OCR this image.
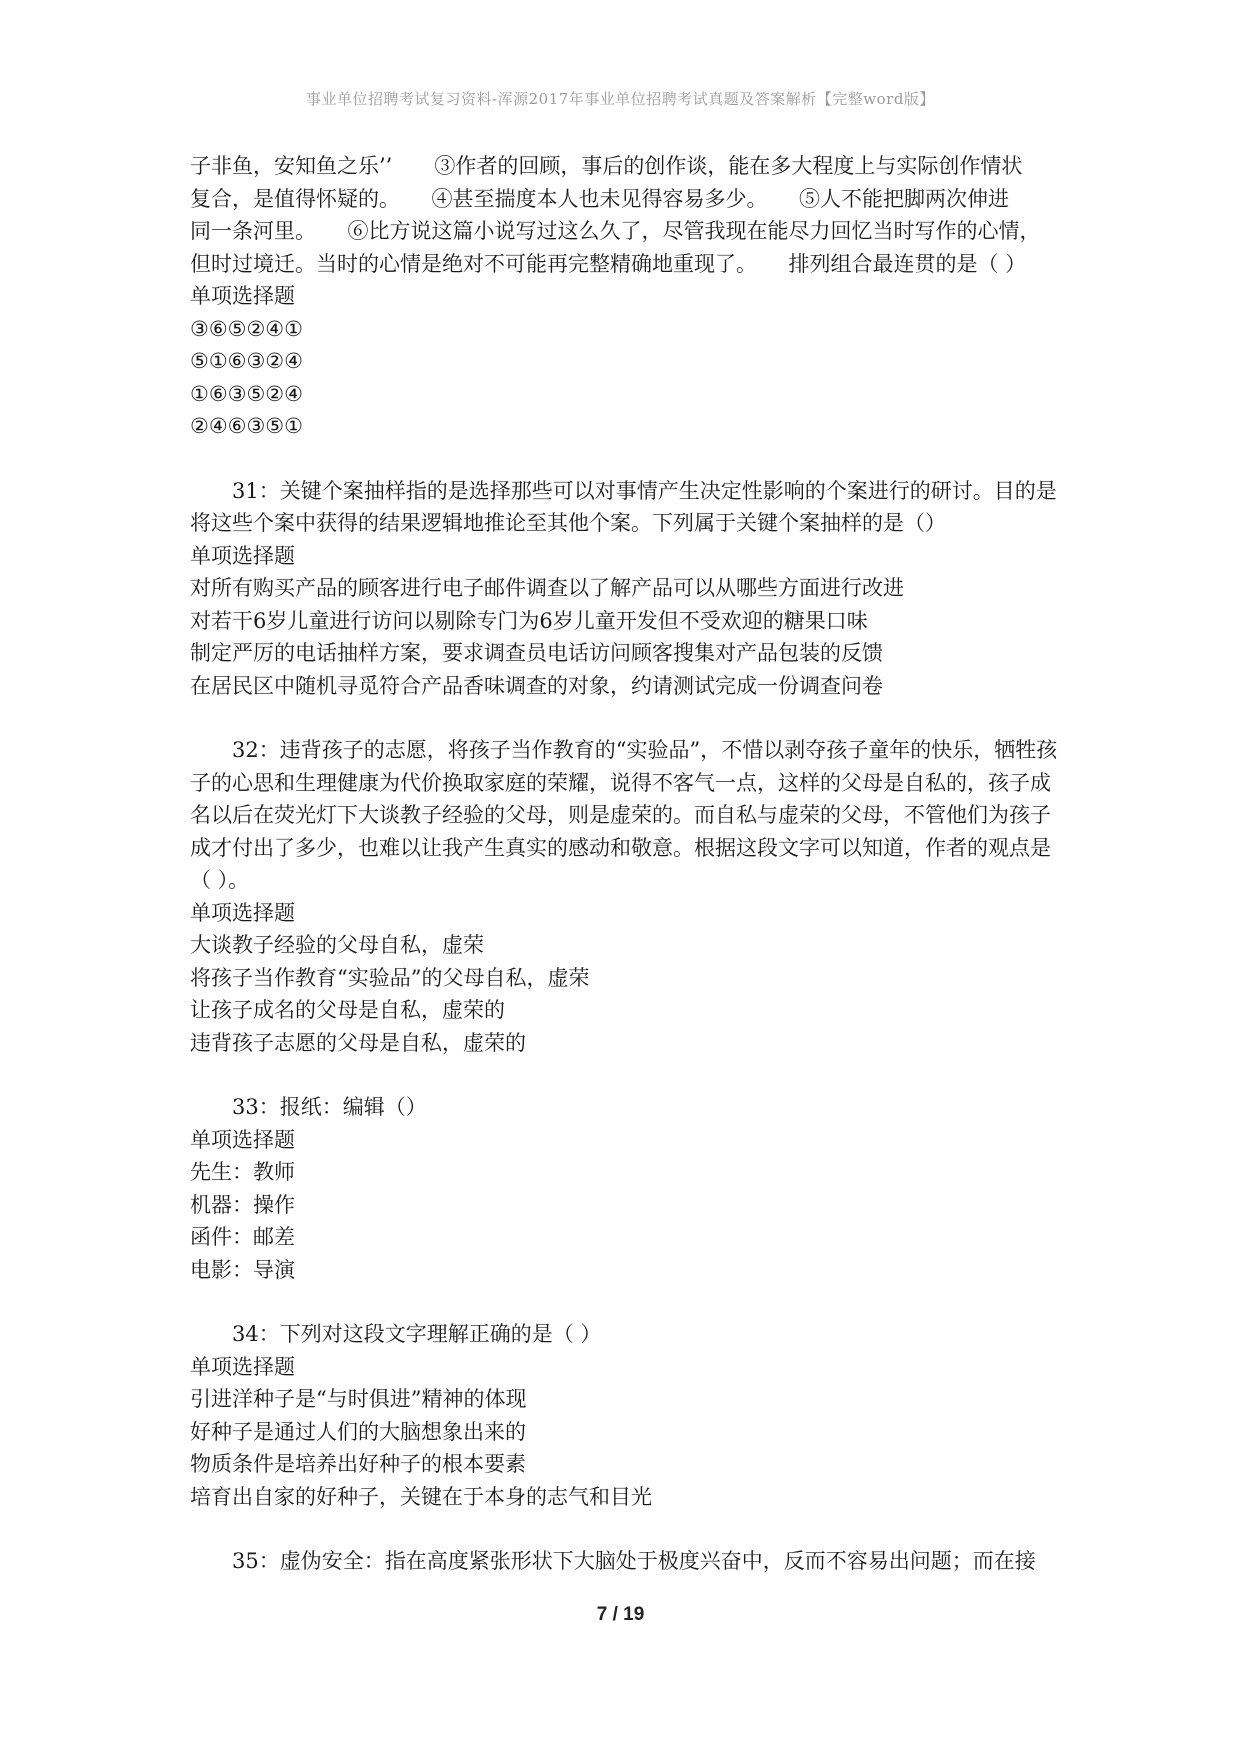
事业单位招聘考试复习资料-浑源2017年事业单位招聘考试真题及答案解析【完整word版】
子非鱼，安知鱼之乐’’　　③作者的回顾，事后的创作谈，能在多大程度上与实际创作情状
复合，是值得怀疑的。　　④甚至揣度本人也未见得容易多少。　　⑤人不能把脚两次伸进
同一条河里。　　⑥比方说这篇小说写过这么久了，尽管我现在能尽力回忆当时写作的心情，
但时过境迁。当时的心情是绝对不可能再完整精确地重现了。　　排列组合最连贯的是（ ）
单项选择题
③⑥⑤②④①
⑤①⑥③②④
①⑥③⑤②④
②④⑥③⑤①
31：关键个案抽样指的是选择那些可以对事情产生决定性影响的个案进行的研讨。目的是将这些个案中获得的结果逻辑地推论至其他个案。下列属于关键个案抽样的是（）
单项选择题
对所有购买产品的顾客进行电子邮件调查以了解产品可以从哪些方面进行改进
对若干6岁儿童进行访问以剔除专门为6岁儿童开发但不受欢迎的糖果口味
制定严厉的电话抽样方案，要求调查员电话访问顾客搜集对产品包装的反馈
在居民区中随机寻觅符合产品香味调查的对象，约请测试完成一份调查问卷
32：违背孩子的志愿，将孩子当作教育的“实验品”，不惜以剥夺孩子童年的快乐，牺牲孩子的心思和生理健康为代价换取家庭的荣耀，说得不客气一点，这样的父母是自私的，孩子成名以后在荧光灯下大谈教子经验的父母，则是虚荣的。而自私与虚荣的父母，不管他们为孩子成才付出了多少，也难以让我产生真实的感动和敬意。根据这段文字可以知道，作者的观点是（ ）。
单项选择题
大谈教子经验的父母自私，虚荣
将孩子当作教育“实验品”的父母自私，虚荣
让孩子成名的父母是自私，虚荣的
违背孩子志愿的父母是自私，虚荣的
33：报纸：编辑（）
单项选择题
先生：教师
机器：操作
函件：邮差
电影：导演
34：下列对这段文字理解正确的是（ ）
单项选择题
引进洋种子是“与时俱进”精神的体现
好种子是通过人们的大脑想象出来的
物质条件是培养出好种子的根本要素
培育出自家的好种子，关键在于本身的志气和目光
35：虚伪安全：指在高度紧张形状下大脑处于极度兴奋中，反而不容易出问题；而在接
7 / 19
